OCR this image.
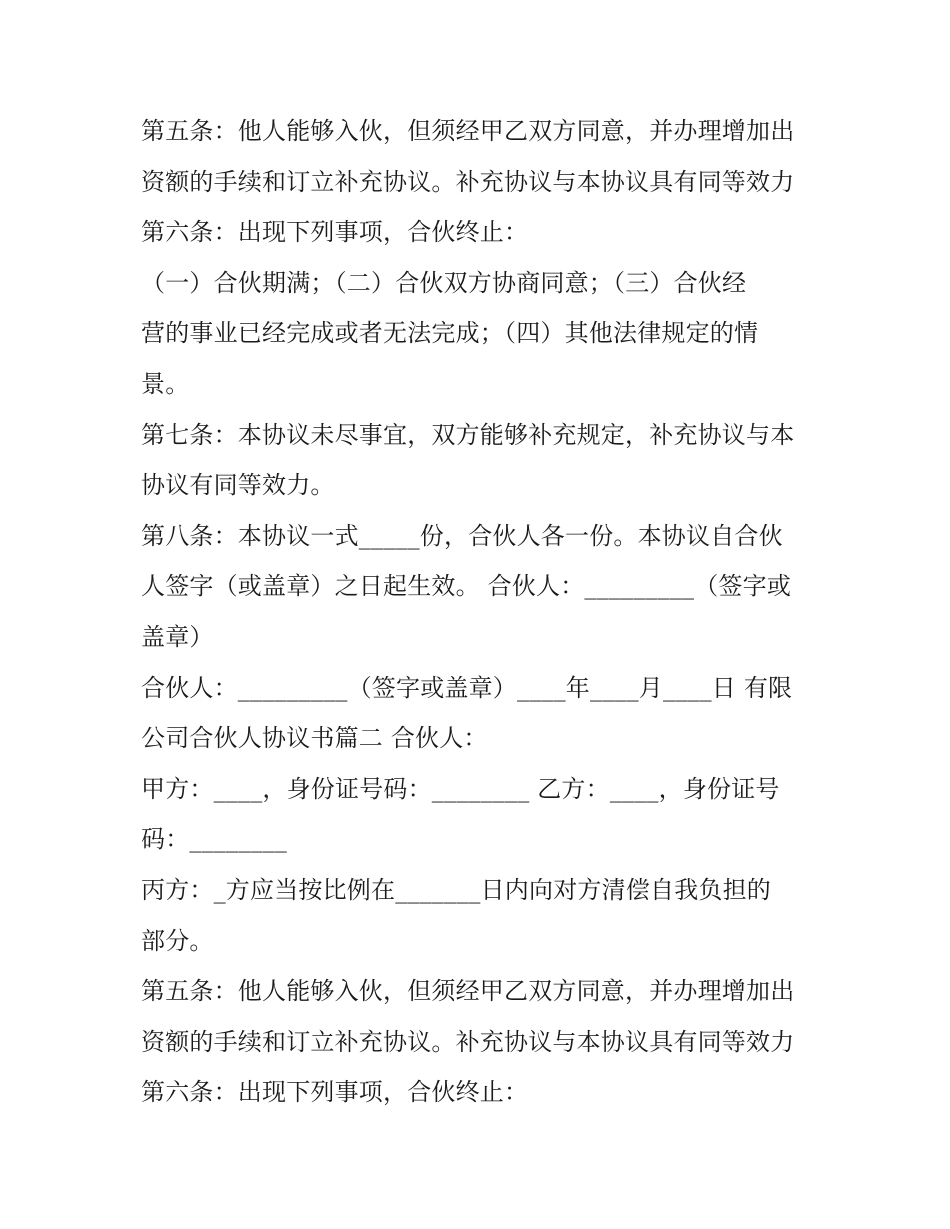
第五条：他人能够入伙，但须经甲乙双方同意，并办理增加出
资额的手续和订立补充协议。补充协议与本协议具有同等效力
第六条：出现下列事项，合伙终止：
（一）合伙期满；（二）合伙双方协商同意；（三）合伙经
营的事业已经完成或者无法完成；（四）其他法律规定的情
景。
第七条：本协议未尽事宜，双方能够补充规定，补充协议与本
协议有同等效力。
第八条：本协议一式_____份，合伙人各一份。本协议自合伙
人签字（或盖章）之日起生效。 合伙人：_________（签字或
盖章）
合伙人：_________（签字或盖章）____年____月____日 有限
公司合伙人协议书篇二 合伙人：
甲方：____，身份证号码：________ 乙方：____，身份证号
码：________
丙方：_方应当按比例在_______日内向对方清偿自我负担的
部分。
第五条：他人能够入伙，但须经甲乙双方同意，并办理增加出
资额的手续和订立补充协议。补充协议与本协议具有同等效力
第六条：出现下列事项，合伙终止：
